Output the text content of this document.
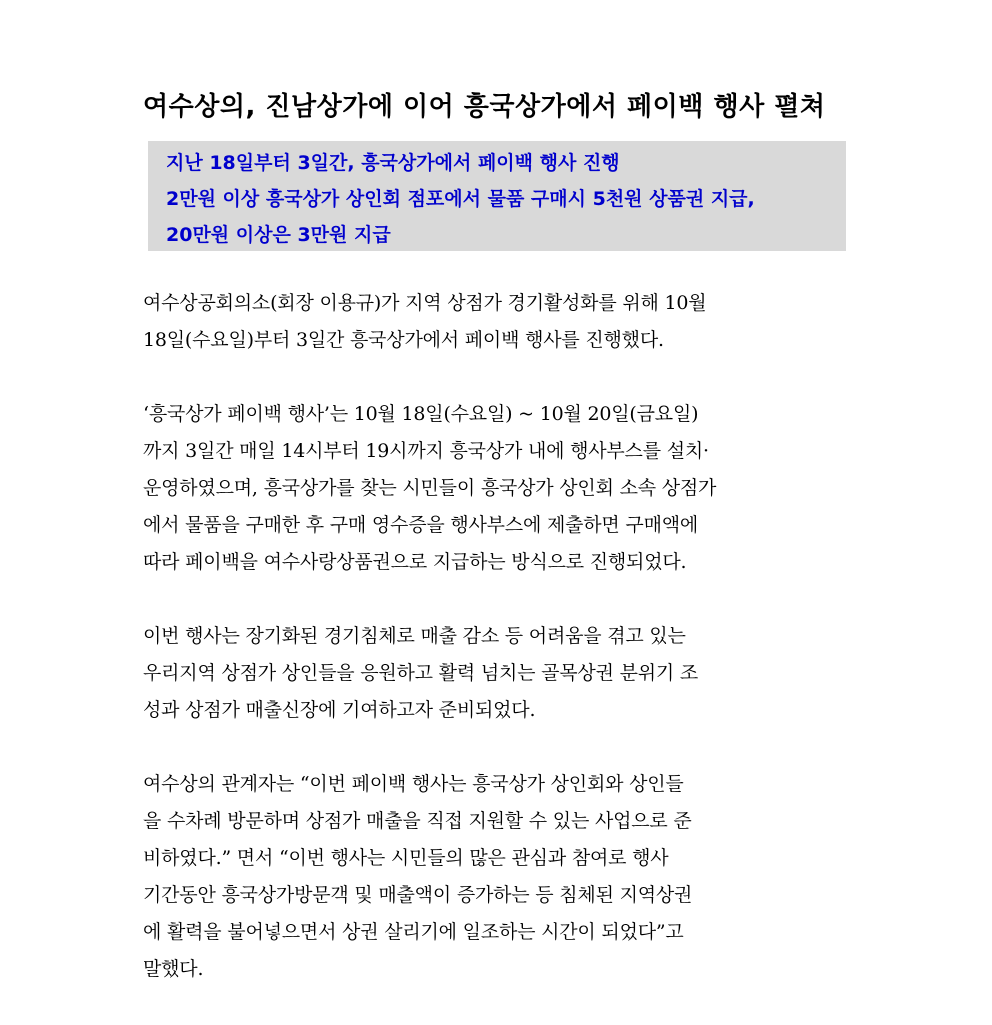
여수상의, 진남상가에 이어 흥국상가에서 페이백 행사 펼쳐

지난 18일부터 3일간, 흥국상가에서 페이백 행사 진행

2만원 이상 흥국상가 상인회 점포에서 물품 구매시 5천원 상품권 지급,

20만원 이상은 3만원 지급

여수상공회의소(회장 이용규)가 지역 상점가 경기활성화를 위해 10월
18일(수요일)부터 3일간 흥국상가에서 페이백 행사를 진행했다.

‘흥국상가 페이백 행사’는 10월 18일(수요일) ~ 10월 20일(금요일)
까지 3일간 매일 14시부터 19시까지 흥국상가 내에 행사부스를 설치·
운영하였으며, 흥국상가를 찾는 시민들이 흥국상가 상인회 소속 상점가
에서 물품을 구매한 후 구매 영수증을 행사부스에 제출하면 구매액에
따라 페이백을 여수사랑상품권으로 지급하는 방식으로 진행되었다.

이번 행사는 장기화된 경기침체로 매출 감소 등 어려움을 겪고 있는
우리지역 상점가 상인들을 응원하고 활력 넘치는 골목상권 분위기 조
성과 상점가 매출신장에 기여하고자 준비되었다.

여수상의 관계자는 “이번 페이백 행사는 흥국상가 상인회와 상인들
을 수차례 방문하며 상점가 매출을 직접 지원할 수 있는 사업으로 준
비하였다.” 면서 “이번 행사는 시민들의 많은 관심과 참여로 행사
기간동안 흥국상가방문객 및 매출액이 증가하는 등 침체된 지역상권
에 활력을 불어넣으면서 상권 살리기에 일조하는 시간이 되었다”고
말했다.
